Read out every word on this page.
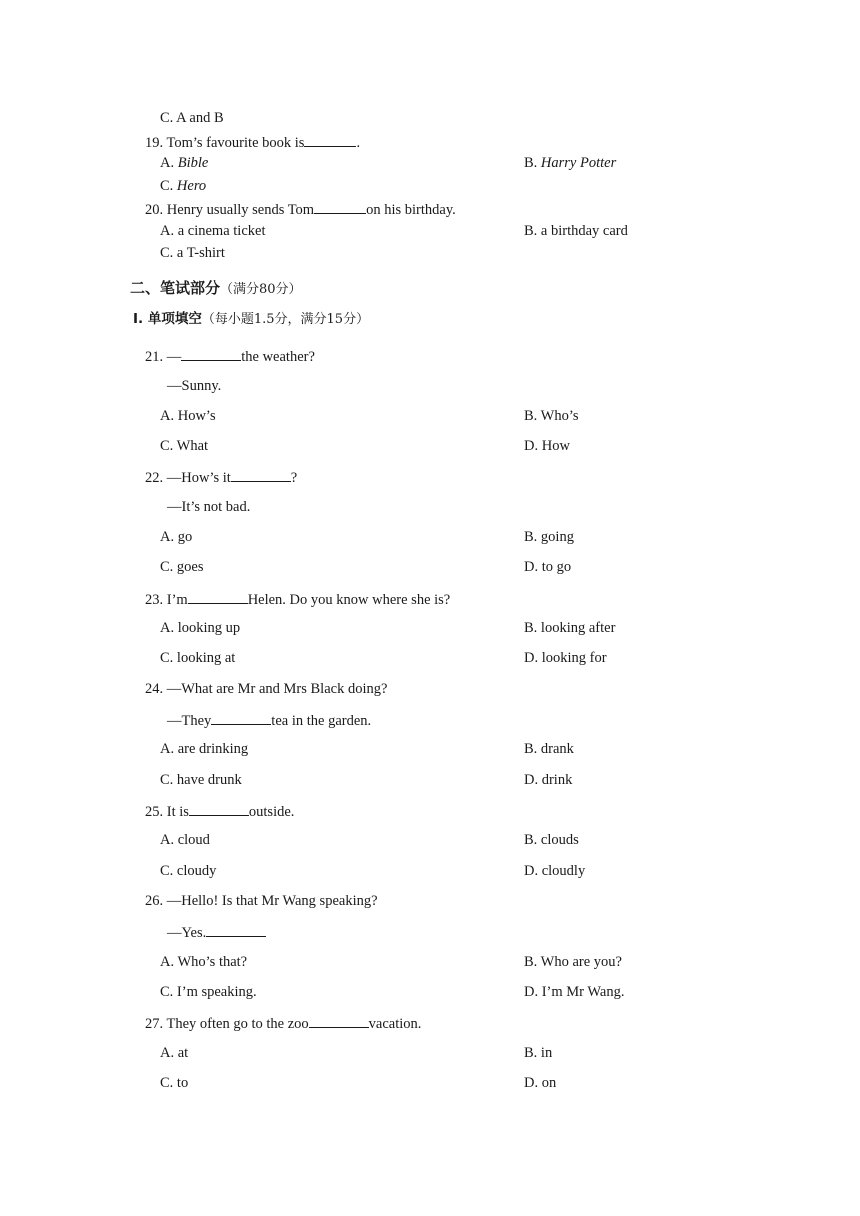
C. A and B
19. Tom’s favourite book is	.
A. Bible	B. Harry Potter
C. Hero
20. Henry usually sends Tom	on his birthday.
A. a cinema ticket	B. a birthday card
C. a T-shirt
二、笔试部分（满分80分）
Ⅰ. 单项填空（每小题1.5分，满分15分）
21. —	the weather?
—Sunny.
A. How’s	B. Who’s
C. What	D. How
22. —How’s it	?
—It’s not bad.
A. go	B. going
C. goes	D. to go
23. I’m	Helen. Do you know where she is?
A. looking up	B. looking after
C. looking at	D. looking for
24. —What are Mr and Mrs Black doing?
—They	tea in the garden.
A. are drinking	B. drank
C. have drunk	D. drink
25. It is	outside.
A. cloud	B. clouds
C. cloudy	D. cloudly
26. —Hello! Is that Mr Wang speaking?
—Yes.
A. Who’s that?	B. Who are you?
C. I’m speaking.	D. I’m Mr Wang.
27. They often go to the zoo	vacation.
A. at	B. in
C. to	D. on
